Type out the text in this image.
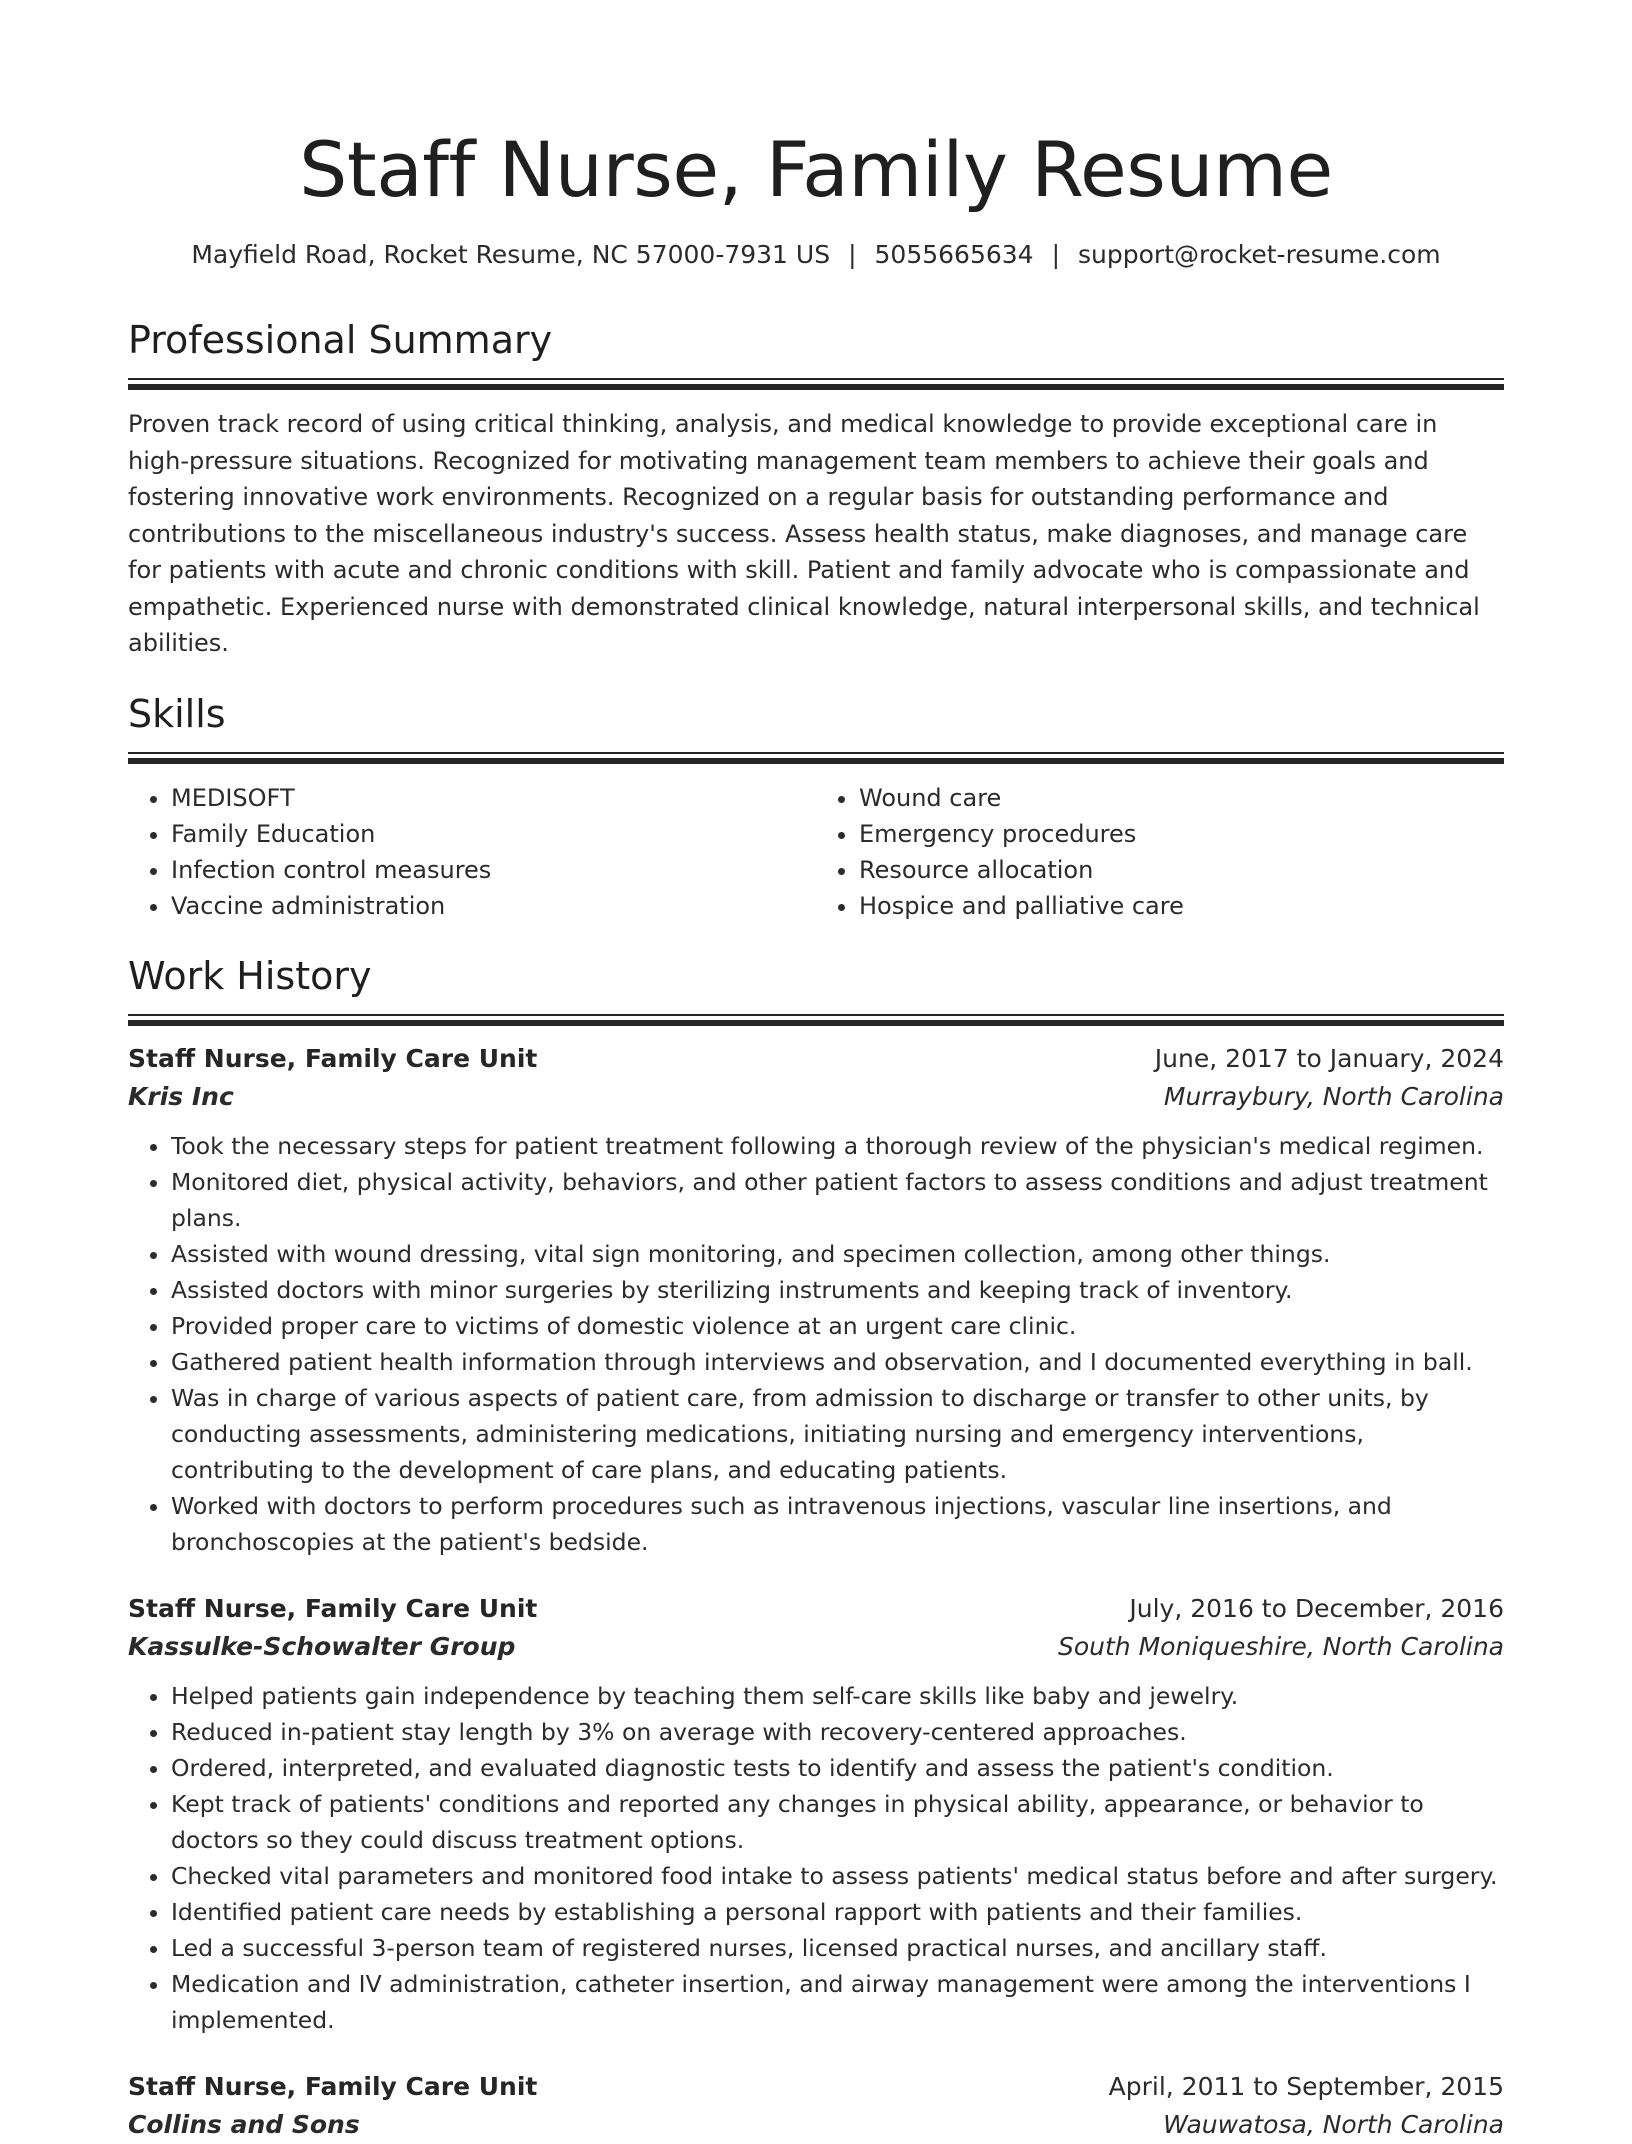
Staff Nurse, Family Resume
Mayfield Road, Rocket Resume, NC 57000-7931 US | 5055665634 | support@rocket-resume.com
Professional Summary

Proven track record of using critical thinking, analysis, and medical knowledge to provide exceptional care in high-pressure situations. Recognized for motivating management team members to achieve their goals and fostering innovative work environments. Recognized on a regular basis for outstanding performance and contributions to the miscellaneous industry's success. Assess health status, make diagnoses, and manage care for patients with acute and chronic conditions with skill. Patient and family advocate who is compassionate and empathetic. Experienced nurse with demonstrated clinical knowledge, natural interpersonal skills, and technical abilities.

Skills
• MEDISOFT
• Family Education
• Infection control measures
• Vaccine administration
• Wound care
• Emergency procedures
• Resource allocation
• Hospice and palliative care
Work History
Staff Nurse, Family Care Unit	June, 2017 to January, 2024
Kris Inc	Murraybury, North Carolina
• Took the necessary steps for patient treatment following a thorough review of the physician's medical regimen.
• Monitored diet, physical activity, behaviors, and other patient factors to assess conditions and adjust treatment plans.
• Assisted with wound dressing, vital sign monitoring, and specimen collection, among other things.
• Assisted doctors with minor surgeries by sterilizing instruments and keeping track of inventory.
• Provided proper care to victims of domestic violence at an urgent care clinic.
• Gathered patient health information through interviews and observation, and I documented everything in ball.
• Was in charge of various aspects of patient care, from admission to discharge or transfer to other units, by conducting assessments, administering medications, initiating nursing and emergency interventions, contributing to the development of care plans, and educating patients.
• Worked with doctors to perform procedures such as intravenous injections, vascular line insertions, and bronchoscopies at the patient's bedside.
Staff Nurse, Family Care Unit	July, 2016 to December, 2016
Kassulke-Schowalter Group	South Moniqueshire, North Carolina
• Helped patients gain independence by teaching them self-care skills like baby and jewelry.
• Reduced in-patient stay length by 3% on average with recovery-centered approaches.
• Ordered, interpreted, and evaluated diagnostic tests to identify and assess the patient's condition.
• Kept track of patients' conditions and reported any changes in physical ability, appearance, or behavior to doctors so they could discuss treatment options.
• Checked vital parameters and monitored food intake to assess patients' medical status before and after surgery.
• Identified patient care needs by establishing a personal rapport with patients and their families.
• Led a successful 3-person team of registered nurses, licensed practical nurses, and ancillary staff.
• Medication and IV administration, catheter insertion, and airway management were among the interventions I implemented.
Staff Nurse, Family Care Unit	April, 2011 to September, 2015
Collins and Sons	Wauwatosa, North Carolina
